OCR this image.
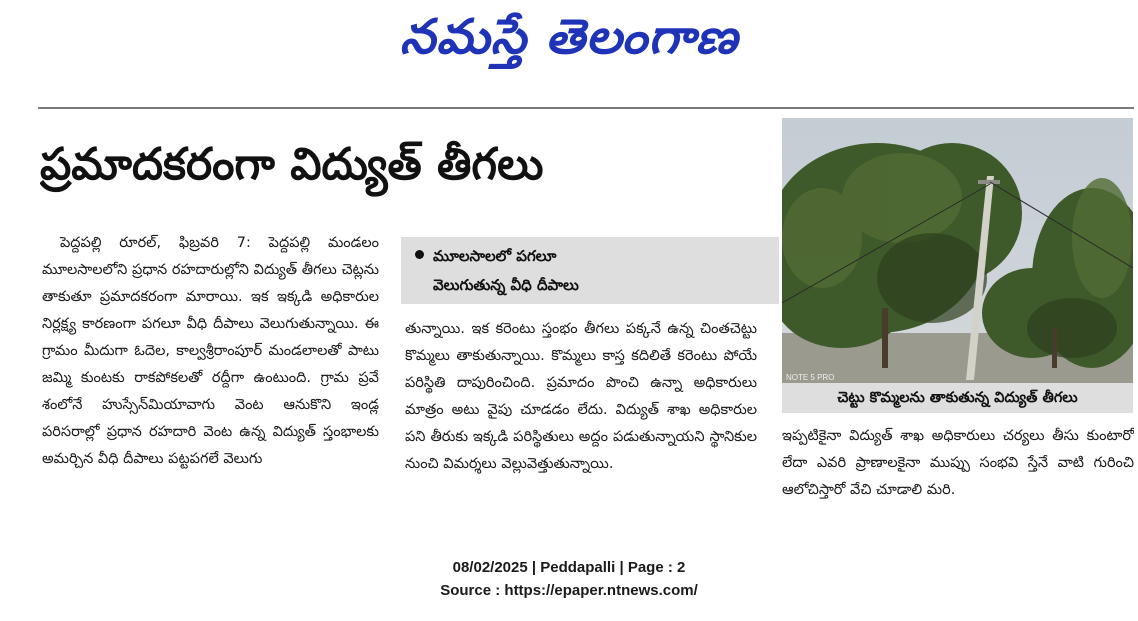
నమస్తే తెలంగాణ
ప్రమాదకరంగా విద్యుత్ తీగలు

పెద్దపల్లి రూరల్, ఫిబ్రవరి 7: పెద్దపల్లి మండలం మూలసాలలోని ప్రధాన రహదారుల్లోని విద్యుత్ తీగలు చెట్లను తాకుతూ ప్రమాదకరంగా మారాయి. ఇక ఇక్కడి అధికారుల నిర్లక్ష్య కారణంగా పగలూ వీధి దీపాలు వెలుగుతున్నాయి. ఈ గ్రామం మీదుగా ఓదెల, కాల్వశ్రీరాంపూర్ మండలాలతో పాటు జమ్మి కుంటకు రాకపోకలతో రద్దీగా ఉంటుంది. గ్రామ ప్రవే శంలోనే హుస్సేన్‌మియావాగు వెంట ఆనుకొని ఇండ్ల పరిసరాల్లో ప్రధాన రహదారి వెంట ఉన్న విద్యుత్ స్తంభాలకు అమర్చిన వీధి దీపాలు పట్టపగలే వెలుగు

మూలసాలలో పగలూ
వెలుగుతున్న వీధి దీపాలు

తున్నాయి. ఇక కరెంటు స్తంభం తీగలు పక్కనే ఉన్న చింతచెట్టు కొమ్మలు తాకుతున్నాయి. కొమ్మలు కాస్త కదిలితే కరెంటు పోయే పరిస్థితి దాపురించింది. ప్రమాదం పొంచి ఉన్నా అధికారులు మాత్రం అటు వైపు చూడడం లేదు. విద్యుత్ శాఖ అధికారుల పని తీరుకు ఇక్కడి పరిస్థితులు అద్దం పడుతున్నాయని స్థానికుల నుంచి విమర్శలు వెల్లువెత్తుతున్నాయి.

NOTE 5 PRO
చెట్టు కొమ్మలను తాకుతున్న విద్యుత్ తీగలు

ఇప్పటికైనా విద్యుత్ శాఖ అధికారులు చర్యలు తీసు కుంటారో లేదా ఎవరి ప్రాణాలకైనా ముప్పు సంభవి స్తేనే వాటి గురించి ఆలోచిస్తారో వేచి చూడాలి మరి.

08/02/2025 | Peddapalli | Page : 2
Source : https://epaper.ntnews.com/
